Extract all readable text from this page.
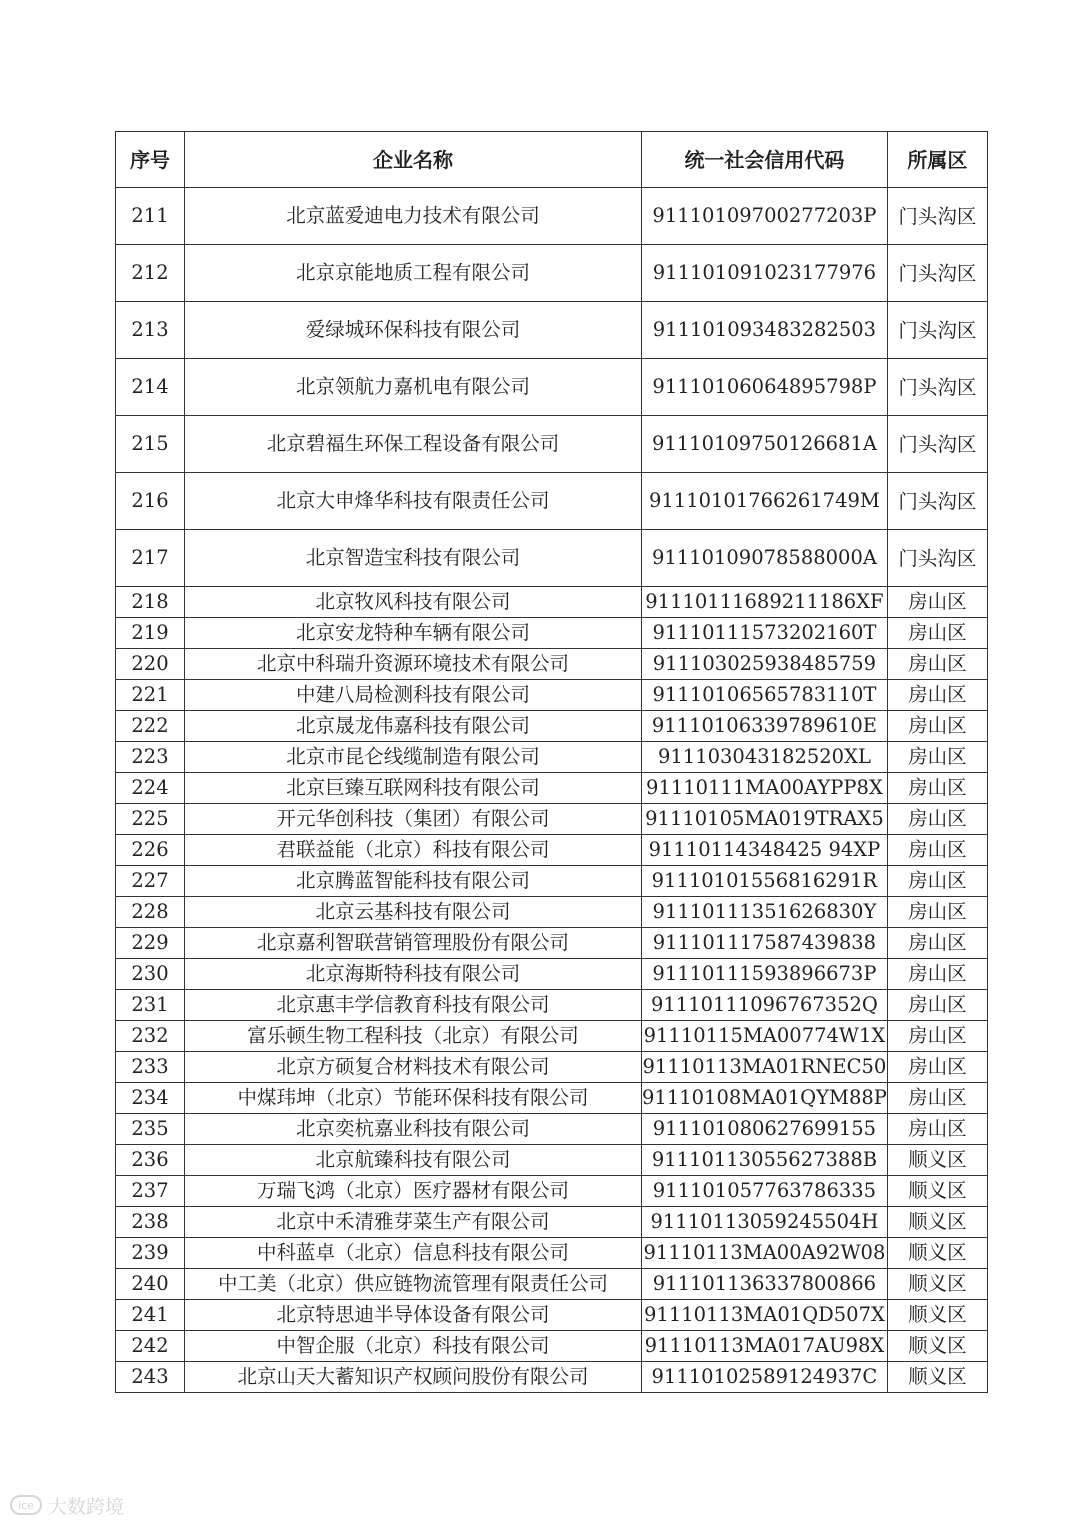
序号	企业名称	统一社会信用代码	所属区
211	北京蓝爱迪电力技术有限公司	91110109700277203P	门头沟区
212	北京京能地质工程有限公司	911101091023177976	门头沟区
213	爱绿城环保科技有限公司	911101093483282503	门头沟区
214	北京领航力嘉机电有限公司	91110106064895798P	门头沟区
215	北京碧福生环保工程设备有限公司	91110109750126681A	门头沟区
216	北京大申烽华科技有限责任公司	91110101766261749M	门头沟区
217	北京智造宝科技有限公司	91110109078588000A	门头沟区
218	北京牧风科技有限公司	91110111689211186XF	房山区
219	北京安龙特种车辆有限公司	91110111573202160T	房山区
220	北京中科瑞升资源环境技术有限公司	911103025938485759	房山区
221	中建八局检测科技有限公司	91110106565783110T	房山区
222	北京晟龙伟嘉科技有限公司	91110106339789610E	房山区
223	北京市昆仑线缆制造有限公司	911103043182520XL	房山区
224	北京巨臻互联网科技有限公司	91110111MA00AYPP8X	房山区
225	开元华创科技（集团）有限公司	91110105MA019TRAX5	房山区
226	君联益能（北京）科技有限公司	91110114348425 94XP	房山区
227	北京腾蓝智能科技有限公司	91110101556816291R	房山区
228	北京云基科技有限公司	91110111351626830Y	房山区
229	北京嘉利智联营销管理股份有限公司	911101117587439838	房山区
230	北京海斯特科技有限公司	91110111593896673P	房山区
231	北京惠丰学信教育科技有限公司	91110111096767352Q	房山区
232	富乐顿生物工程科技（北京）有限公司	91110115MA00774W1X	房山区
233	北京方硕复合材料技术有限公司	91110113MA01RNEC50	房山区
234	中煤玮坤（北京）节能环保科技有限公司	91110108MA01QYM88P	房山区
235	北京奕杭嘉业科技有限公司	911101080627699155	房山区
236	北京航臻科技有限公司	91110113055627388B	顺义区
237	万瑞飞鸿（北京）医疗器材有限公司	911101057763786335	顺义区
238	北京中禾清雅芽菜生产有限公司	91110113059245504H	顺义区
239	中科蓝卓（北京）信息科技有限公司	91110113MA00A92W08	顺义区
240	中工美（北京）供应链物流管理有限责任公司	911101136337800866	顺义区
241	北京特思迪半导体设备有限公司	91110113MA01QD507X	顺义区
242	中智企服（北京）科技有限公司	91110113MA017AU98X	顺义区
243	北京山天大蓄知识产权顾问股份有限公司	91110102589124937C	顺义区
ice 大数跨境
